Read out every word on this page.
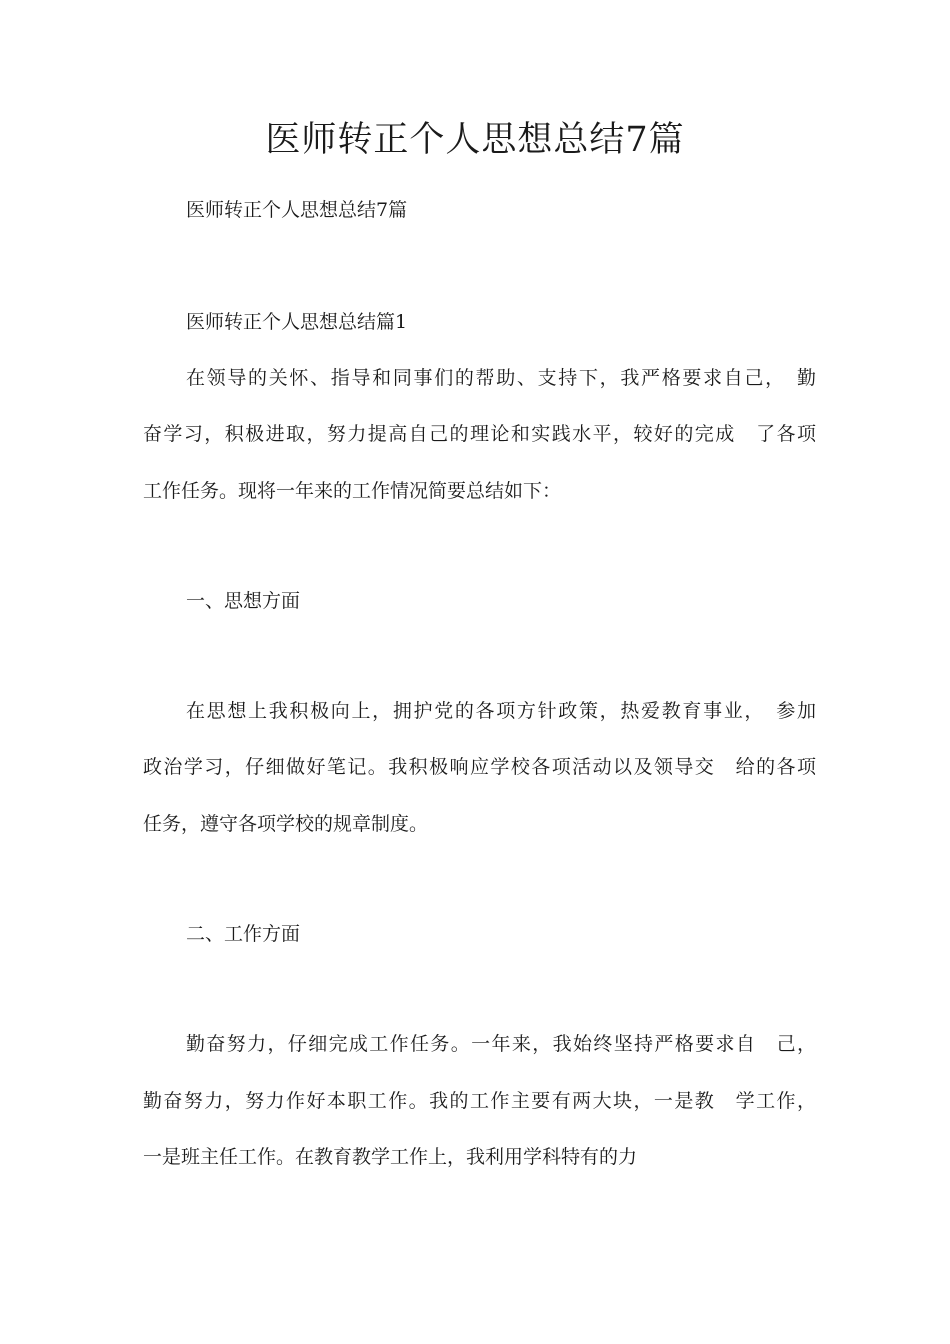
医师转正个人思想总结7篇

医师转正个人思想总结7篇

医师转正个人思想总结篇1

在领导的关怀、指导和同事们的帮助、支持下，我严格要求自己，　勤

奋学习，积极进取，努力提高自己的理论和实践水平，较好的完成　了各项

工作任务。现将一年来的工作情况简要总结如下：

一、思想方面

在思想上我积极向上，拥护党的各项方针政策，热爱教育事业，　参加

政治学习，仔细做好笔记。我积极响应学校各项活动以及领导交　给的各项

任务，遵守各项学校的规章制度。

二、工作方面

勤奋努力，仔细完成工作任务。一年来，我始终坚持严格要求自　己，

勤奋努力，努力作好本职工作。我的工作主要有两大块，一是教　学工作，

一是班主任工作。在教育教学工作上，我利用学科特有的力
